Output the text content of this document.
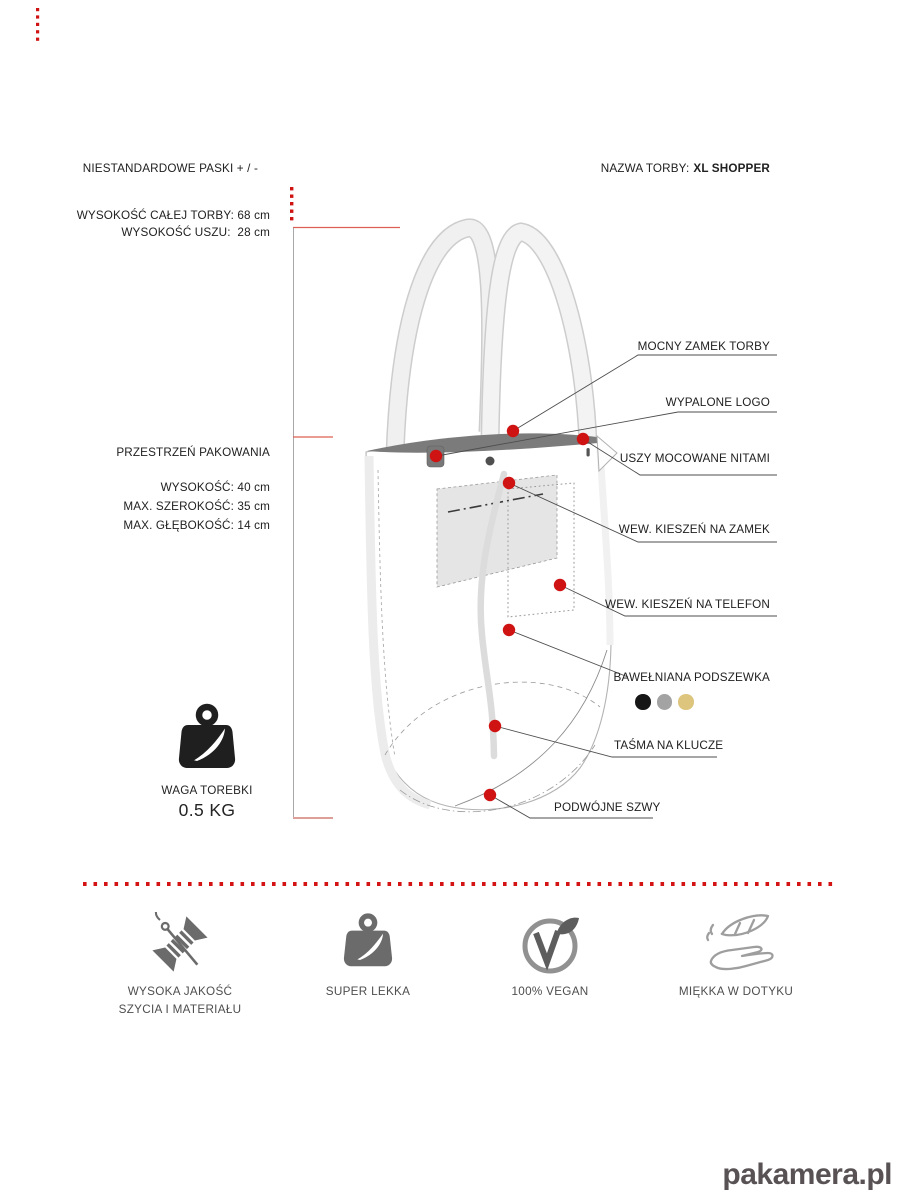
NIESTANDARDOWE PASKI + / -
WYSOKOŚĆ CAŁEJ TORBY: 68 cm
WYSOKOŚĆ USZU:  28 cm
NAZWA TORBY: XL SHOPPER
PRZESTRZEŃ PAKOWANIA
WYSOKOŚĆ: 40 cm
MAX. SZEROKOŚĆ: 35 cm
MAX. GŁĘBOKOŚĆ: 14 cm
MOCNY ZAMEK TORBY
WYPALONE LOGO
USZY MOCOWANE NITAMI
WEW. KIESZEŃ NA ZAMEK
WEW. KIESZEŃ NA TELEFON
BAWEŁNIANA PODSZEWKA
TAŚMA NA KLUCZE
PODWÓJNE SZWY
WAGA TOREBKI
0.5 KG
WYSOKA JAKOŚĆ
SZYCIA I MATERIAŁU
SUPER LEKKA	100% VEGAN	MIĘKKA W DOTYKU
pakamera.pl
